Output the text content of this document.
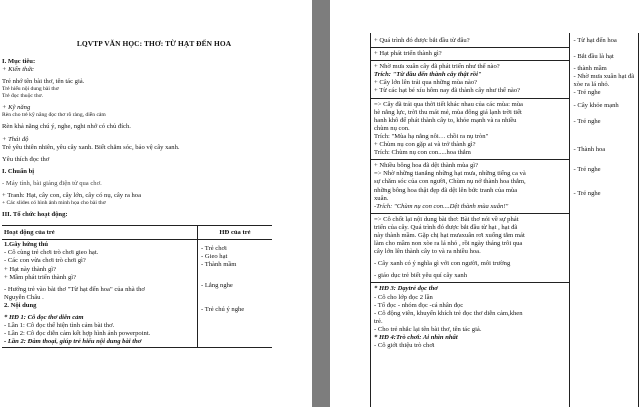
LQVTP VĂN HỌC: THƠ: TỪ HẠT ĐẾN HOA
I. Mục tiêu:
+ Kiến thức
Trẻ nhớ tên bài thơ, tên tác giả.
Trẻ hiểu nội dung bài thơ
Trẻ đọc thuộc thơ.
+ Kỹ năng
Rèn cho trẻ kỹ năng đọc thơ rõ ràng, diễn cảm
Rèn khả năng chú ý, nghe, nghi nhớ có chủ đích.
+ Thái độ
Trẻ yêu thiên nhiên, yêu cây xanh. Biết chăm sóc, bảo vệ cây xanh.
Yêu thích đọc thơ
I. Chuẩn bị
- Máy tính, bài giảng điện tử qua chơ.
+ Tranh: Hạt, cây con, cây lớn, cây có nụ, cây ra hoa
+ Các slides có hình ảnh minh họa cho bài thơ
III. Tổ chức hoạt động:
Hoạt động của trẻ	HĐ của trẻ
1.Gây hứng thú
- Cô cùng trẻ chơi trò chơi gieo hạt.
- Các con vừa chơi trò chơi gì?
+ Hạt này thành gì?
+ Mầm phát triển thành gì?
- Hướng trẻ vào bài thơ "Từ hạt đến hoa" của nhà thơ
Nguyễn Châu .
2. Nội dung
* HĐ 1: Cô đọc thơ diễn cảm
- Lần 1: Cô đọc thể hiện tình cảm bài thơ.
- Lần 2: Cô đọc diễn cảm kết hợp hình ảnh powerpoint.
- Lần 2: Đàm thoại, giúp trẻ hiểu nội dung bài thơ
- Trẻ chơi
- Gieo hạt
- Thành mầm
- Lắng nghe
- Trẻ chú ý nghe
+ Quá trình đó được bắt đầu từ đâu?
+ Hạt phát triển thành gì?
+ Nhờ mưa xuân cây đã phát triển như thế nào?
Trích: "Từ đầu đến thành cây thật rồi"
+ Cây lớn lên trải qua những mùa nào?
+ Từ các hạt bé xíu hôm nay đã thành cây như thế nào?
=> Cây đã trải qua thời tiết khác nhau của các mùa: mùa
hè nắng lực, trời thu mát mẻ, mùa đông giá lạnh trời tiết
hanh khô để phát thành cây to, khỏe mạnh và ra nhiều
chùm nụ con.
Trích: "Mùa hạ nắng nôi… chồi ra nụ tròn"
+ Chùm nụ con gặp ai và trở thành gì?
Trích: Chùm nụ con con.....hoa thắm
+ Nhiều bông hoa đã dệt thành mùa gì?
=> Nhờ những tianắng những hạt mưa, những tiếng ca và
sự chăm sóc của con người, Chùm nụ nở thành hoa thắm,
những bông hoa thật đẹp đã dệt lên bức tranh của mùa
xuân.
-Trích: "Chùm nụ con con....Dệt thành mùa xuân!"
=> Cô chốt lại nội dung bài thơ: Bài thơ nói về sự phát
triển của cây. Quá trình đó được bắt đầu từ hạt , hạt đã
này thành mầm. Gặp chị hạt mưaxuân rơi xuống tắm mát
làm cho mầm non xòe ra lá nhỏ , rồi ngày tháng trôi qua
cây lớn lên thành cây to và ra nhiều hoa.
- Cây xanh có ý nghĩa gì với con người, môi trường
- giáo dục trẻ biết yêu quí cây xanh
* HĐ 3: Dạytrẻ đọc thơ
- Cô cho lớp đọc 2 lần
- Tổ đọc - nhóm đọc -cá nhân đọc
- Cô động viên, khuyến khích trẻ đọc thơ diễn cảm,khen
trẻ.
- Cho trẻ nhắc lại tên bài thơ, tên tác giả.
* HĐ 4:Trò chơi: Ai nhìn nhất
- Cô giới thiệu trò chơi
- Từ hạt đến hoa
- Bắt đầu là hạt
- thành mầm
- Nhờ mưa xuân hạt đã xòe ra lá nhỏ.
- Trẻ nghe
- Cây khỏe mạnh
- Trẻ nghe
- Thành hoa
- Trẻ nghe
- Trẻ nghe
